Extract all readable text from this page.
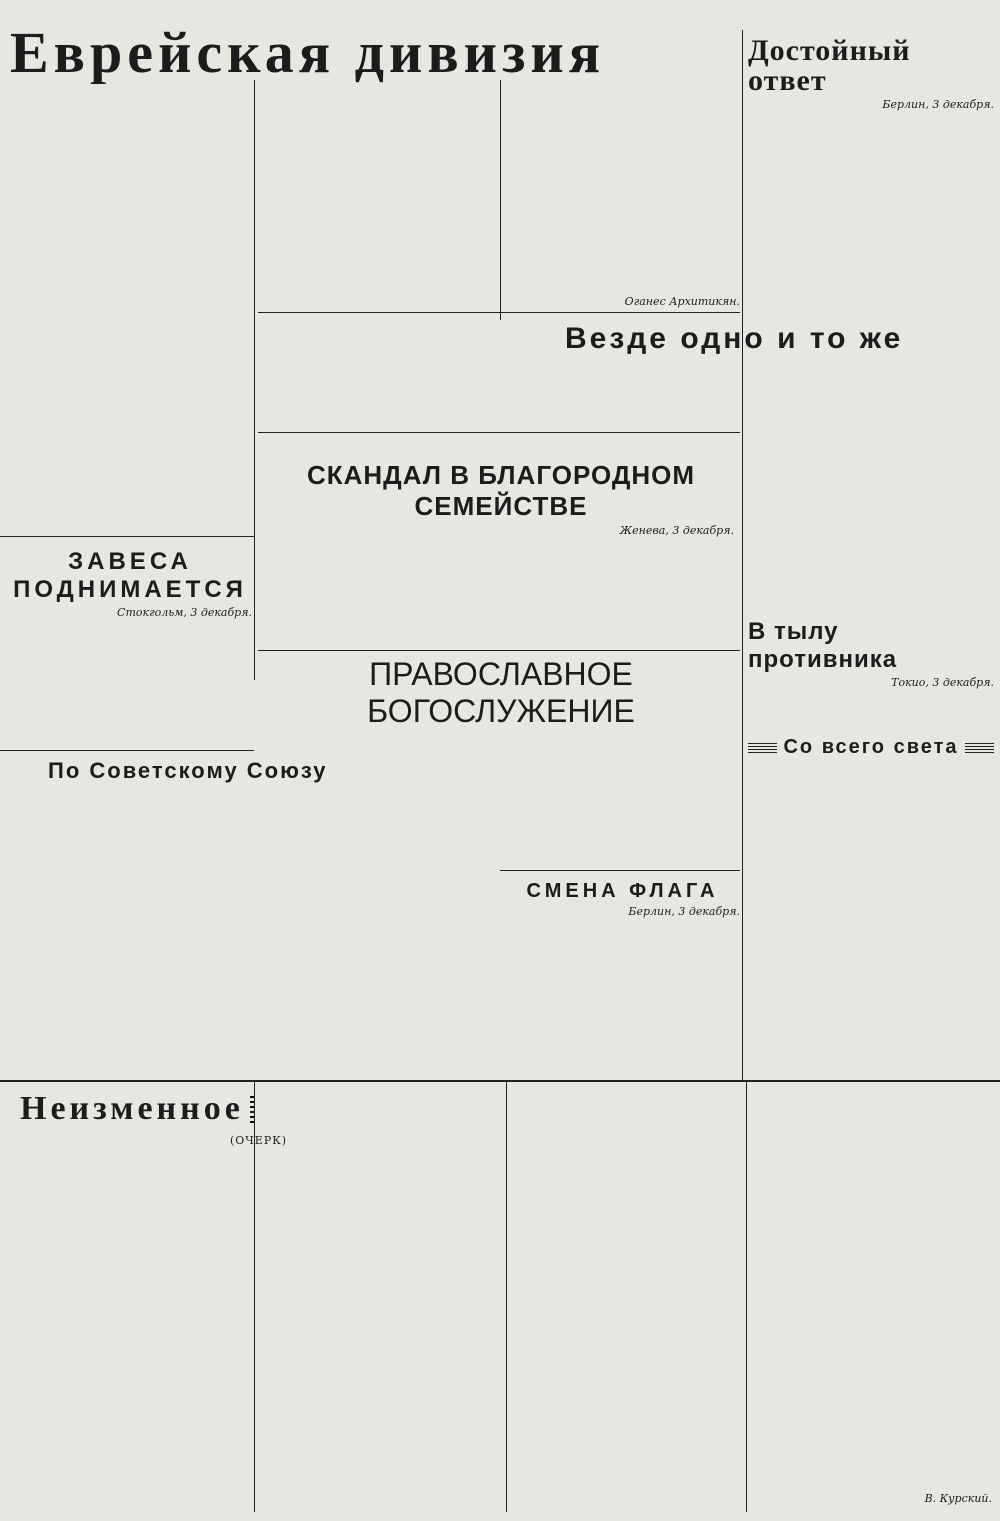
Еврейская дивизия
Оганес Архитикян.
Достойный ответ
Берлин, 3 декабря.
Везде одно и то же
СКАНДАЛ В БЛАГОРОДНОМ СЕМЕЙСТВЕ
Женева, 3 декабря.
ЗАВЕСА ПОДНИМАЕТСЯ
Стокгольм, 3 декабря.
ПРАВОСЛАВНОЕ БОГОСЛУЖЕНИЕ
В тылу противника
Токио, 3 декабря.
Со всего света
По Советскому Союзу
СМЕНА ФЛАГА
Берлин, 3 декабря.
Неизменное
(ОЧЕРК)
В. Курский.
